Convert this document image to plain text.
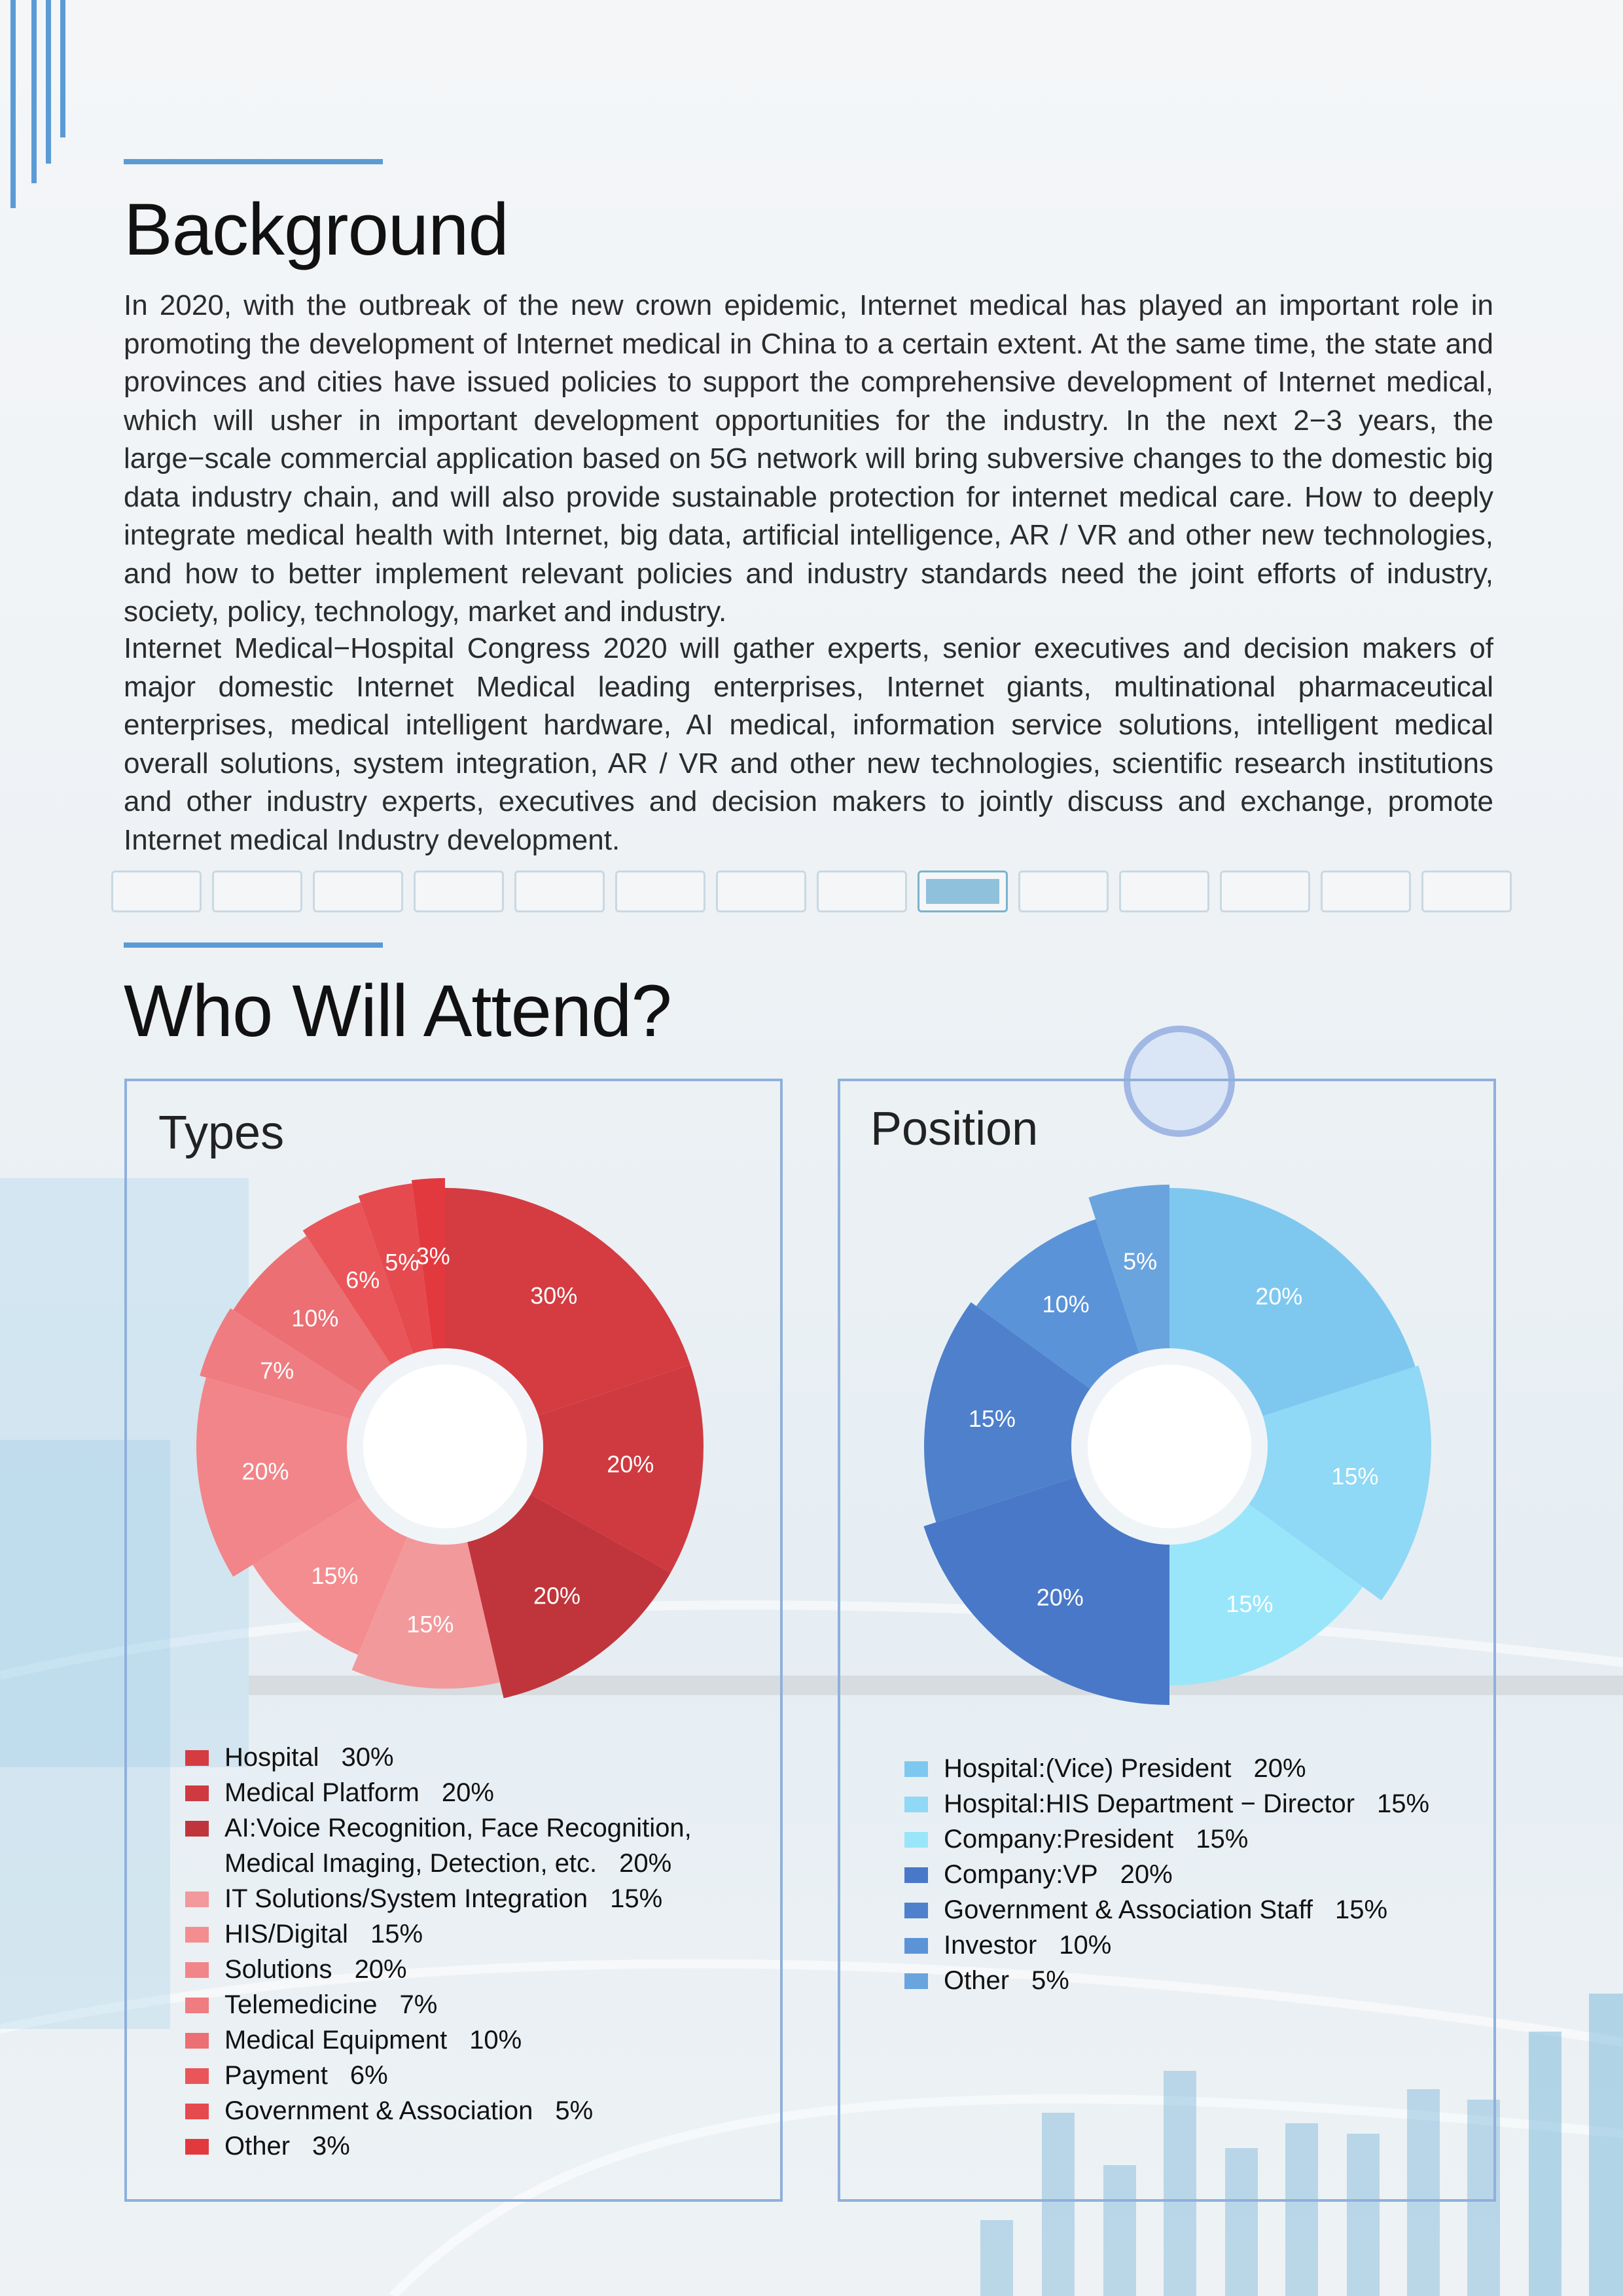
Background

In 2020, with the outbreak of the new crown epidemic, Internet medical has played an important role in promoting the development of Internet medical in China to a certain extent. At the same time, the state and provinces and cities have issued policies to support the comprehensive development of Internet medical, which will usher in important development opportunities for the industry. In the next 2−3 years, the large−scale commercial application based on 5G network will bring subversive changes to the domestic big data industry chain, and will also provide sustainable protection for internet medical care. How to deeply integrate medical health with Internet, big data, artificial intelligence, AR / VR and other new technologies, and how to better implement relevant policies and industry standards need the joint efforts of industry, society, policy, technology, market and industry.

Internet Medical−Hospital Congress 2020 will gather experts, senior executives and decision makers of major domestic Internet Medical leading enterprises, Internet giants, multinational pharmaceutical enterprises, medical intelligent hardware, AI medical, information service solutions, intelligent medical overall solutions, system integration, AR / VR and other new technologies, scientific research institutions and other industry experts, executives and decision makers to jointly discuss and exchange, promote Internet medical Industry development.

Who Will Attend?
Types
30%
20%
20%
15%
15%
20%
7%
10%
6%
5%
3%
Hospital 30%
Medical Platform 20%
AI:Voice Recognition, Face Recognition,
Medical Imaging, Detection, etc. 20%
IT Solutions/System Integration 15%
HIS/Digital 15%
Solutions 20%
Telemedicine 7%
Medical Equipment 10%
Payment 6%
Government & Association 5%
Other 3%
Position
20%
15%
15%
20%
15%
10%
5%
Hospital:(Vice) President 20%
Hospital:HIS Department − Director 15%
Company:President 15%
Company:VP 20%
Government & Association Staff 15%
Investor 10%
Other 5%
